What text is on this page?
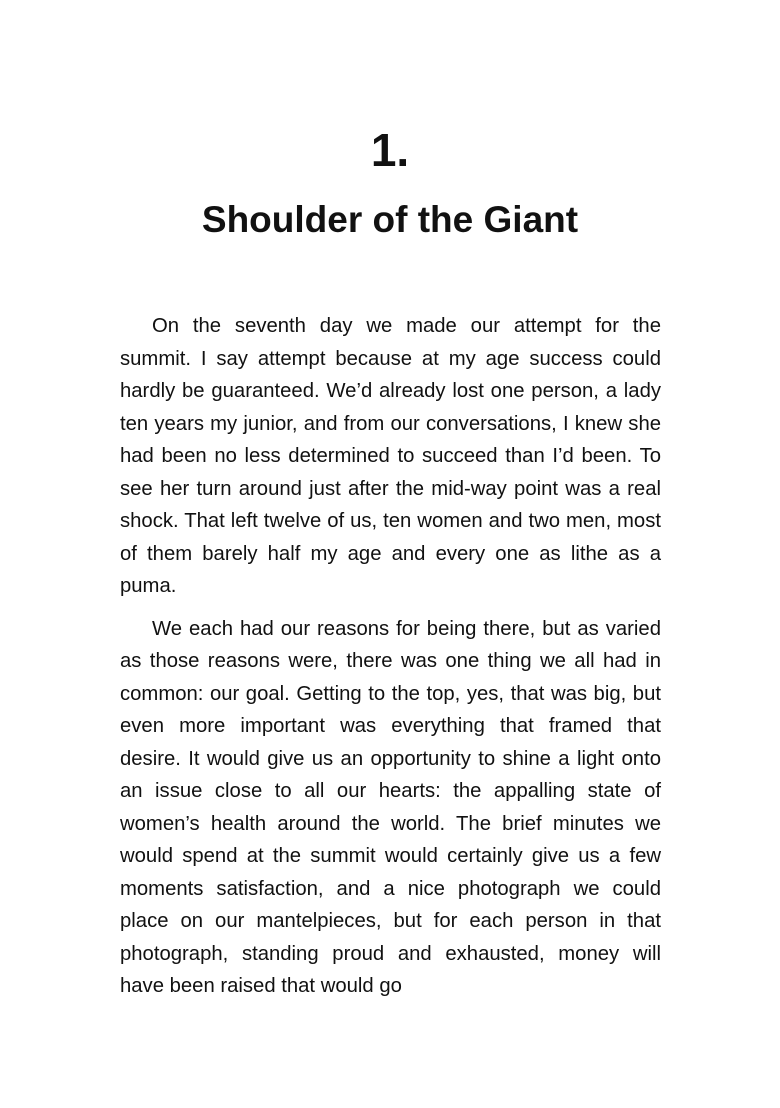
1.
Shoulder of the Giant

On the seventh day we made our attempt for the summit. I say attempt because at my age success could hardly be guaranteed. We’d already lost one person, a lady ten years my junior, and from our conversations, I knew she had been no less determined to succeed than I’d been. To see her turn around just after the mid-way point was a real shock. That left twelve of us, ten women and two men, most of them barely half my age and every one as lithe as a puma.

We each had our reasons for being there, but as varied as those reasons were, there was one thing we all had in common: our goal. Getting to the top, yes, that was big, but even more important was everything that framed that desire. It would give us an opportunity to shine a light onto an issue close to all our hearts: the appalling state of women’s health around the world. The brief minutes we would spend at the summit would certainly give us a few moments satisfaction, and a nice photograph we could place on our mantelpieces, but for each person in that photograph, standing proud and exhausted, money will have been raised that would go
